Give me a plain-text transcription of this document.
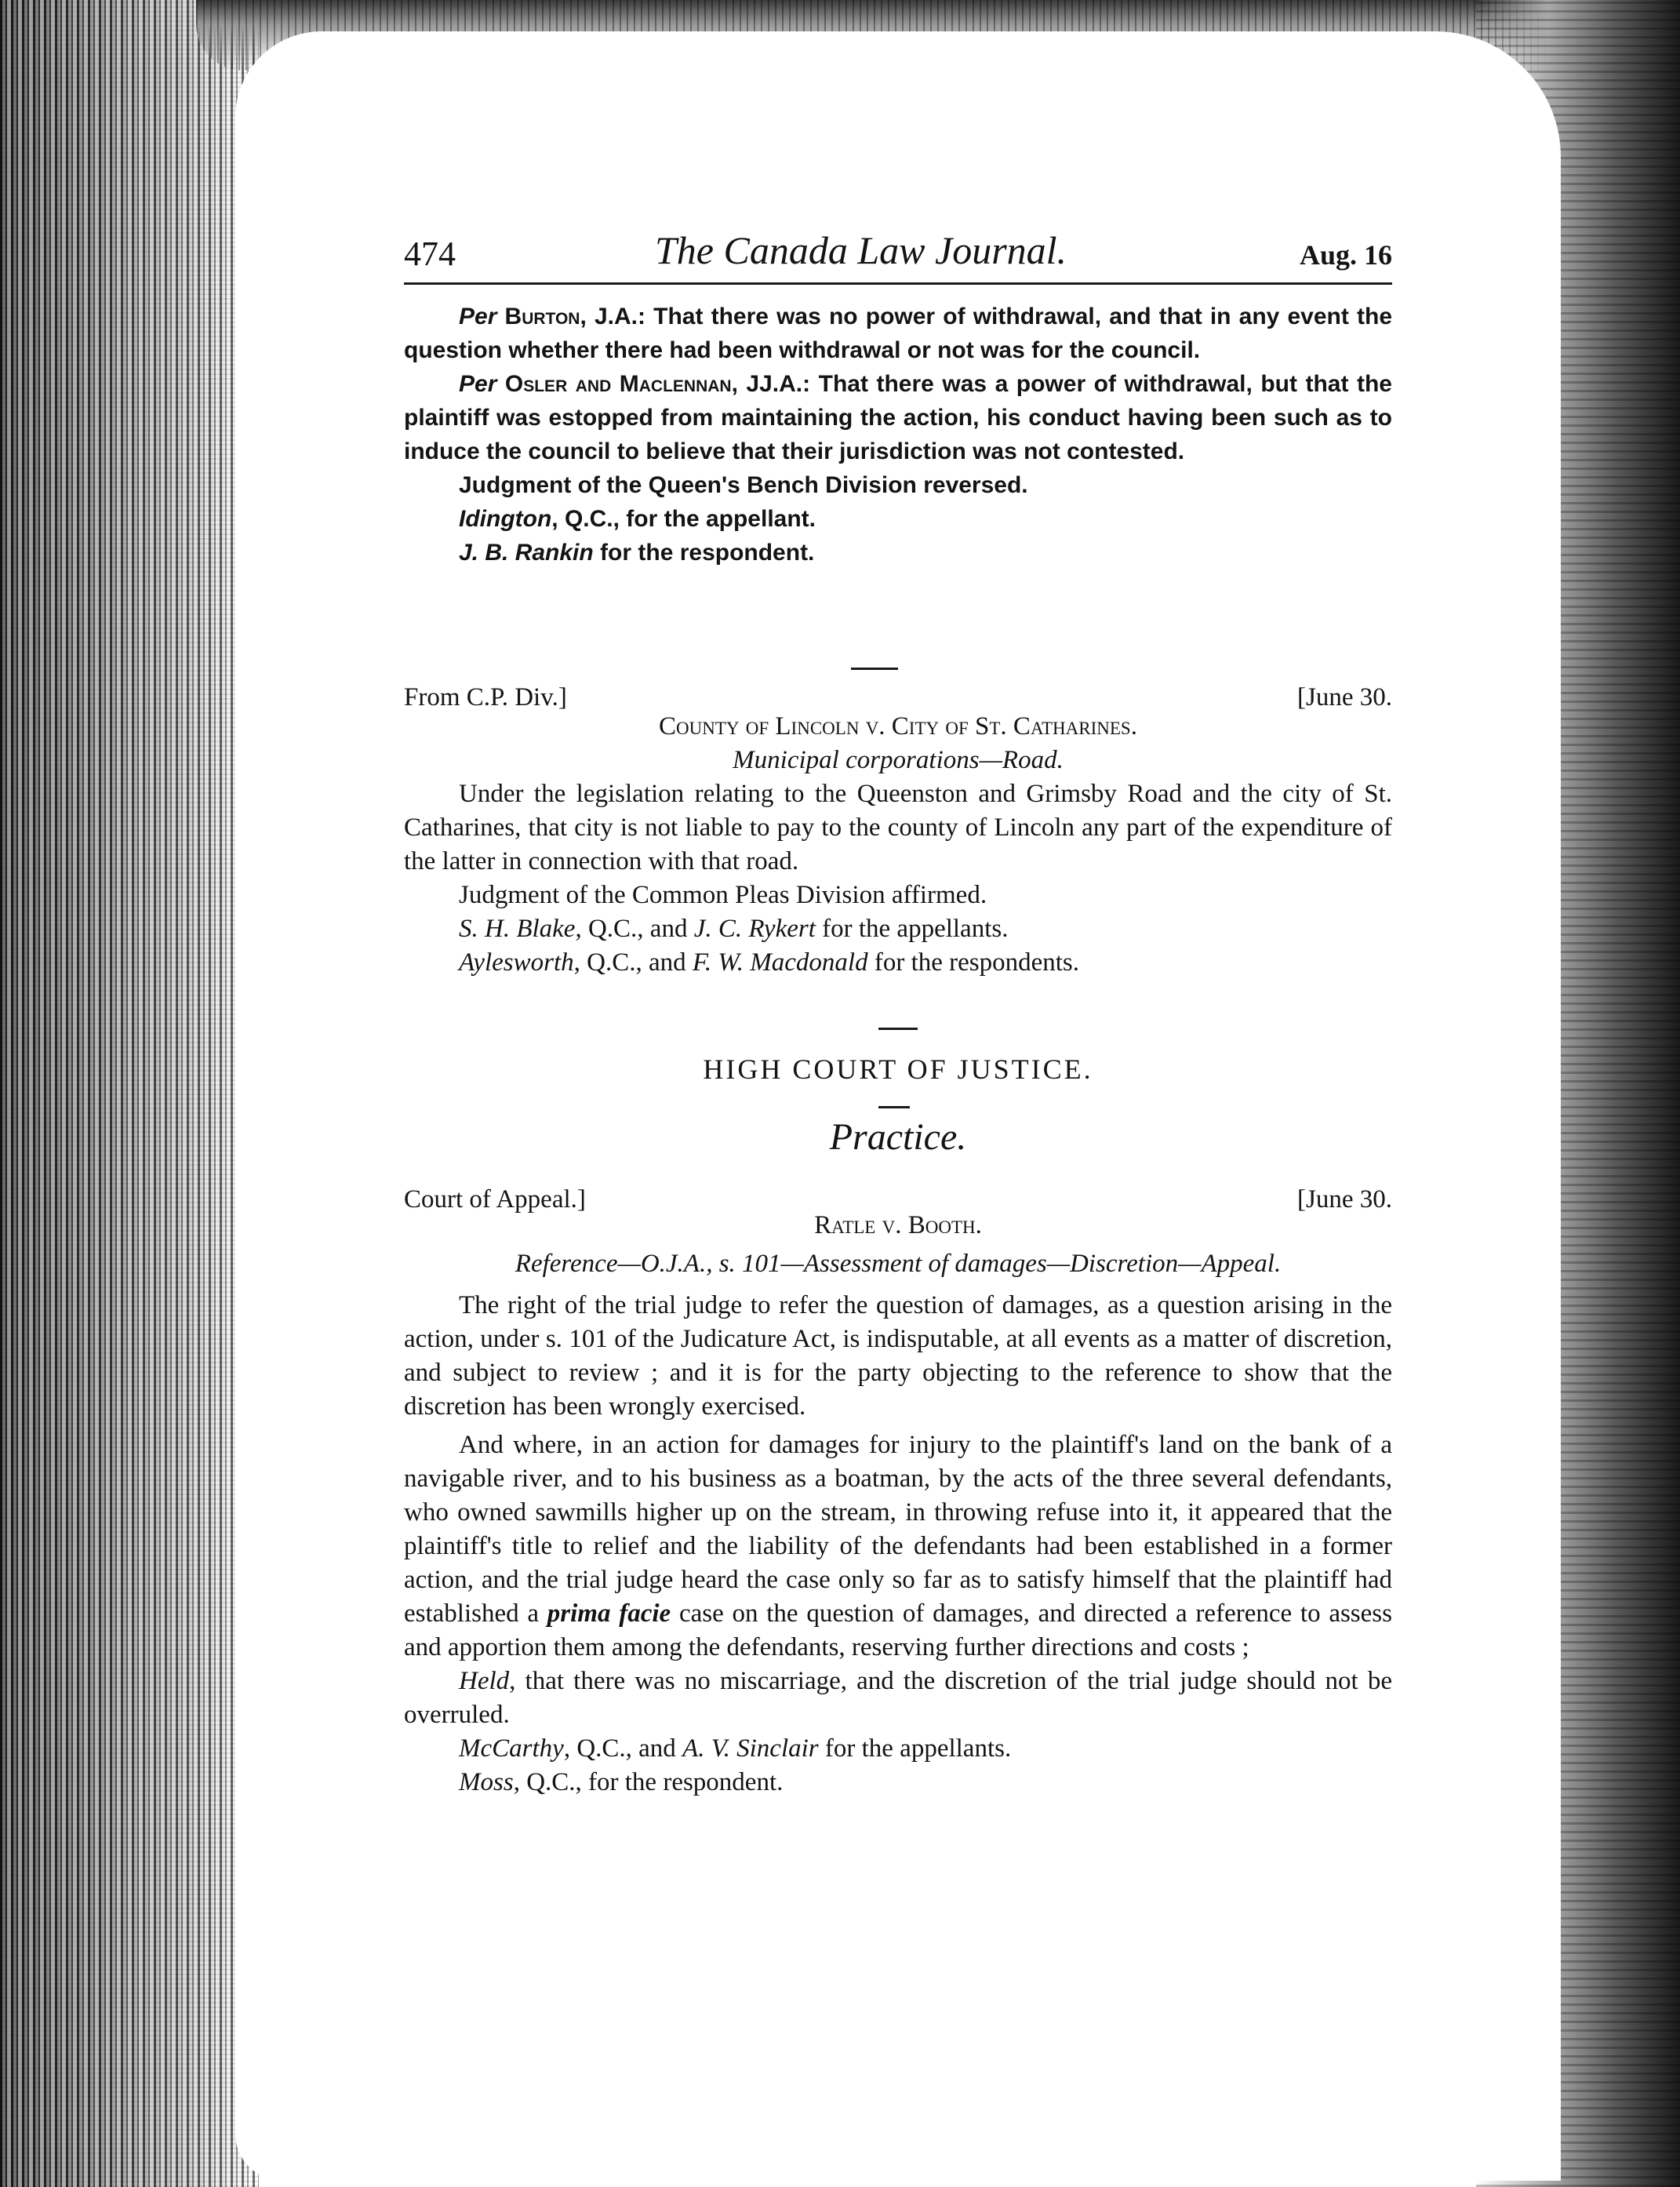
474	The Canada Law Journal.	Aug. 16

Per Burton, J.A.: That there was no power of withdrawal, and that in any event the question whether there had been withdrawal or not was for the council.

Per Osler and Maclennan, JJ.A.: That there was a power of withdrawal, but that the plaintiff was estopped from maintaining the action, his conduct having been such as to induce the council to believe that their jurisdiction was not contested.

Judgment of the Queen's Bench Division reversed.

Idington, Q.C., for the appellant.

J. B. Rankin for the respondent.

From C.P. Div.]	[June 30.

County of Lincoln v. City of St. Catharines.

Municipal corporations—Road.

Under the legislation relating to the Queenston and Grimsby Road and the city of St. Catharines, that city is not liable to pay to the county of Lincoln any part of the expenditure of the latter in connection with that road.

Judgment of the Common Pleas Division affirmed.

S. H. Blake, Q.C., and J. C. Rykert for the appellants.

Aylesworth, Q.C., and F. W. Macdonald for the respondents.

HIGH COURT OF JUSTICE.
Practice.
Court of Appeal.]	[June 30.

Ratle v. Booth.

Reference—O.J.A., s. 101—Assessment of damages—Discretion—Appeal.

The right of the trial judge to refer the question of damages, as a question arising in the action, under s. 101 of the Judicature Act, is indisputable, at all events as a matter of discretion, and subject to review ; and it is for the party objecting to the reference to show that the discretion has been wrongly exercised.

And where, in an action for damages for injury to the plaintiff's land on the bank of a navigable river, and to his business as a boatman, by the acts of the three several defendants, who owned sawmills higher up on the stream, in throwing refuse into it, it appeared that the plaintiff's title to relief and the liability of the defendants had been established in a former action, and the trial judge heard the case only so far as to satisfy himself that the plaintiff had established a prima facie case on the question of damages, and directed a reference to assess and apportion them among the defendants, reserving further directions and costs ;

Held, that there was no miscarriage, and the discretion of the trial judge should not be overruled.

McCarthy, Q.C., and A. V. Sinclair for the appellants.

Moss, Q.C., for the respondent.
